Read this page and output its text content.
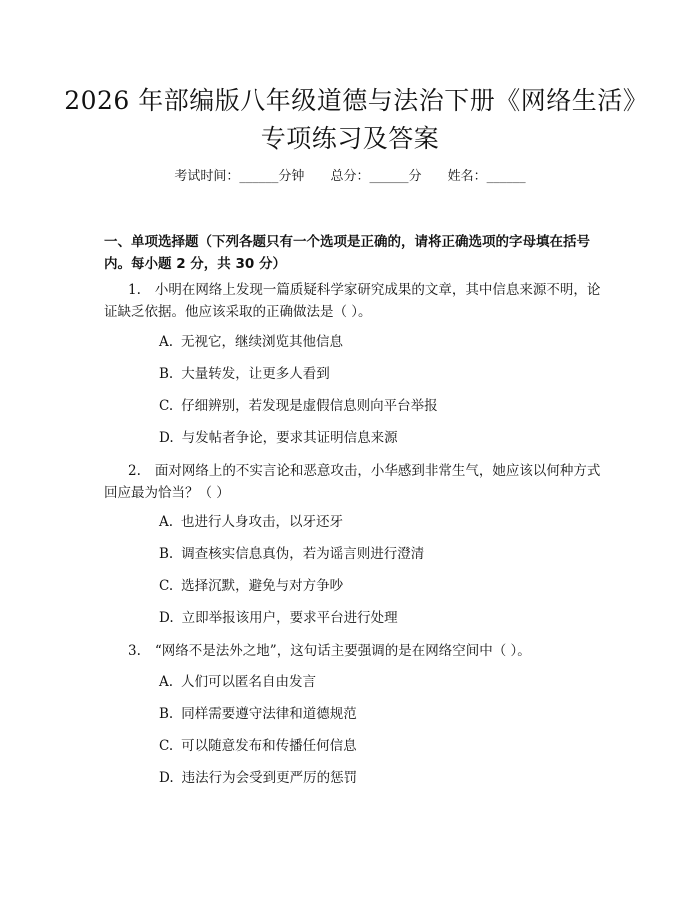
2026 年部编版八年级道德与法治下册《网络生活》专项练习及答案
考试时间：______分钟 总分：______分 姓名：______
一、单项选择题（下列各题只有一个选项是正确的，请将正确选项的字母填在括号内。每小题 2 分，共 30 分）
1. 小明在网络上发现一篇质疑科学家研究成果的文章，其中信息来源不明，论证缺乏依据。他应该采取的正确做法是（ ）。
A. 无视它，继续浏览其他信息
B. 大量转发，让更多人看到
C. 仔细辨别，若发现是虚假信息则向平台举报
D. 与发帖者争论，要求其证明信息来源
2. 面对网络上的不实言论和恶意攻击，小华感到非常生气，她应该以何种方式回应最为恰当？（ ）
A. 也进行人身攻击，以牙还牙
B. 调查核实信息真伪，若为谣言则进行澄清
C. 选择沉默，避免与对方争吵
D. 立即举报该用户，要求平台进行处理
3. “网络不是法外之地”，这句话主要强调的是在网络空间中（ ）。
A. 人们可以匿名自由发言
B. 同样需要遵守法律和道德规范
C. 可以随意发布和传播任何信息
D. 违法行为会受到更严厉的惩罚
